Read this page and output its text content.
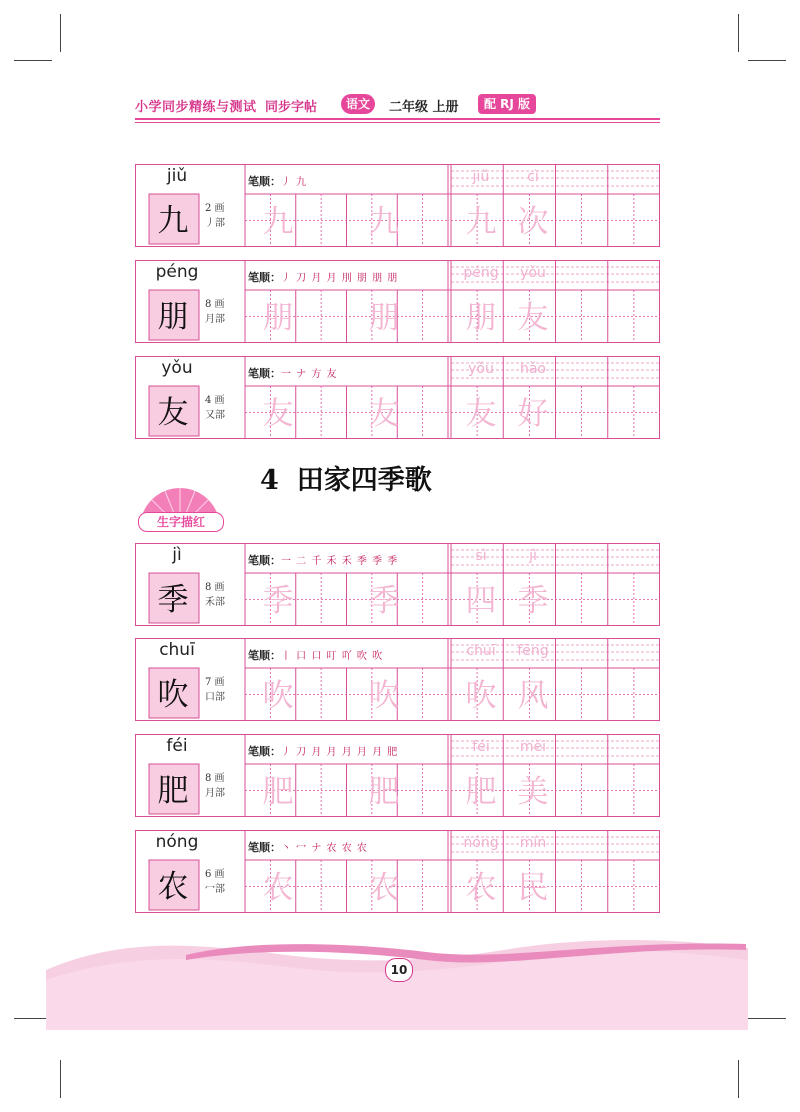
小学同步精练与测试 同步字帖	语文	二年级 上册	配 RJ 版
jiǔ
九	2 画
丿部
笔顺：丿 九
九	九
jiǔ
九
cì
次
péng
朋	8 画
月部
笔顺：丿 刀 月 月 刖 朋 朋 朋
朋	朋
péng
朋
yǒu
友
yǒu
友	4 画
又部
笔顺：一 ナ 方 友
友	友
yǒu
友
hǎo
好
4 田家四季歌
生字描红
jì
季	8 画
禾部
笔顺：一 二 千 禾 禾 季 季 季
季	季
sì
四
jì
季
chuī
吹	7 画
口部
笔顺：丨 口 口 叮 吖 吹 吹
吹	吹
chuī
吹
fēng
风
féi
肥	8 画
月部
笔顺：丿 刀 月 月 月 月 月 肥
肥	肥
féi
肥
měi
美
nóng
农	6 画
冖部
笔顺：丶 冖 ナ 农 农 农
农	农
nóng
农
mín
民
10
